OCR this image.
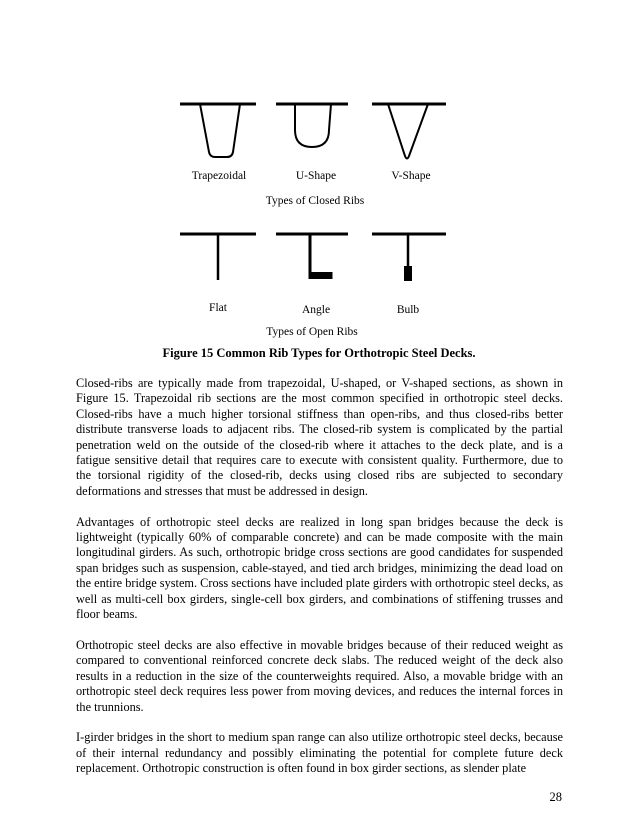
Trapezoidal	U-Shape	V-Shape
Types of Closed Ribs
Flat	Angle	Bulb
Types of Open Ribs
Figure 15 Common Rib Types for Orthotropic Steel Decks.

Closed-ribs are typically made from trapezoidal, U-shaped, or V-shaped sections, as shown in Figure 15. Trapezoidal rib sections are the most common specified in orthotropic steel decks. Closed-ribs have a much higher torsional stiffness than open-ribs, and thus closed-ribs better distribute transverse loads to adjacent ribs. The closed-rib system is complicated by the partial penetration weld on the outside of the closed-rib where it attaches to the deck plate, and is a fatigue sensitive detail that requires care to execute with consistent quality. Furthermore, due to the torsional rigidity of the closed-rib, decks using closed ribs are subjected to secondary deformations and stresses that must be addressed in design.

Advantages of orthotropic steel decks are realized in long span bridges because the deck is lightweight (typically 60% of comparable concrete) and can be made composite with the main longitudinal girders. As such, orthotropic bridge cross sections are good candidates for suspended span bridges such as suspension, cable-stayed, and tied arch bridges, minimizing the dead load on the entire bridge system. Cross sections have included plate girders with orthotropic steel decks, as well as multi-cell box girders, single-cell box girders, and combinations of stiffening trusses and floor beams.

Orthotropic steel decks are also effective in movable bridges because of their reduced weight as compared to conventional reinforced concrete deck slabs. The reduced weight of the deck also results in a reduction in the size of the counterweights required. Also, a movable bridge with an orthotropic steel deck requires less power from moving devices, and reduces the internal forces in the trunnions.

I-girder bridges in the short to medium span range can also utilize orthotropic steel decks, because of their internal redundancy and possibly eliminating the potential for complete future deck replacement. Orthotropic construction is often found in box girder sections, as slender plate

28
